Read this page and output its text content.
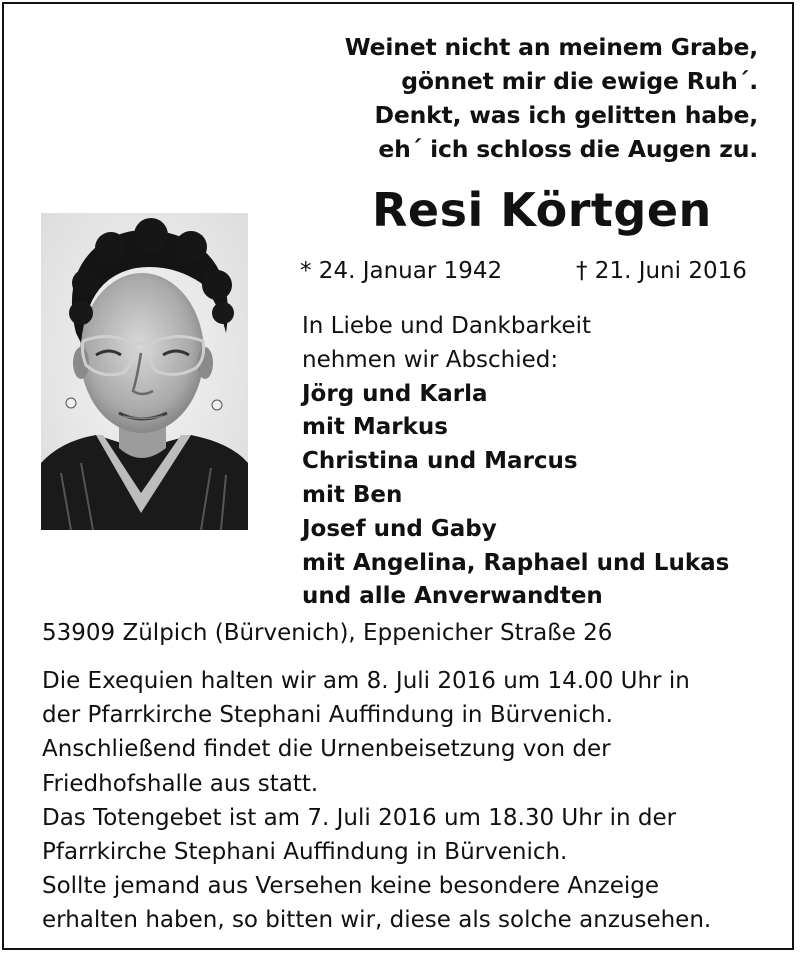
Weinet nicht an meinem Grabe,
gönnet mir die ewige Ruh´.
Denkt, was ich gelitten habe,
eh´ ich schloss die Augen zu.
Resi Körtgen
* 24. Januar 1942	† 21. Juni 2016
In Liebe und Dankbarkeit
nehmen wir Abschied:
Jörg und Karla
mit Markus
Christina und Marcus
mit Ben
Josef und Gaby
mit Angelina, Raphael und Lukas
und alle Anverwandten
53909 Zülpich (Bürvenich), Eppenicher Straße 26
Die Exequien halten wir am 8. Juli 2016 um 14.00 Uhr in
der Pfarrkirche Stephani Auffindung in Bürvenich.
Anschließend findet die Urnenbeisetzung von der
Friedhofshalle aus statt.
Das Totengebet ist am 7. Juli 2016 um 18.30 Uhr in der
Pfarrkirche Stephani Auffindung in Bürvenich.
Sollte jemand aus Versehen keine besondere Anzeige
erhalten haben, so bitten wir, diese als solche anzusehen.
